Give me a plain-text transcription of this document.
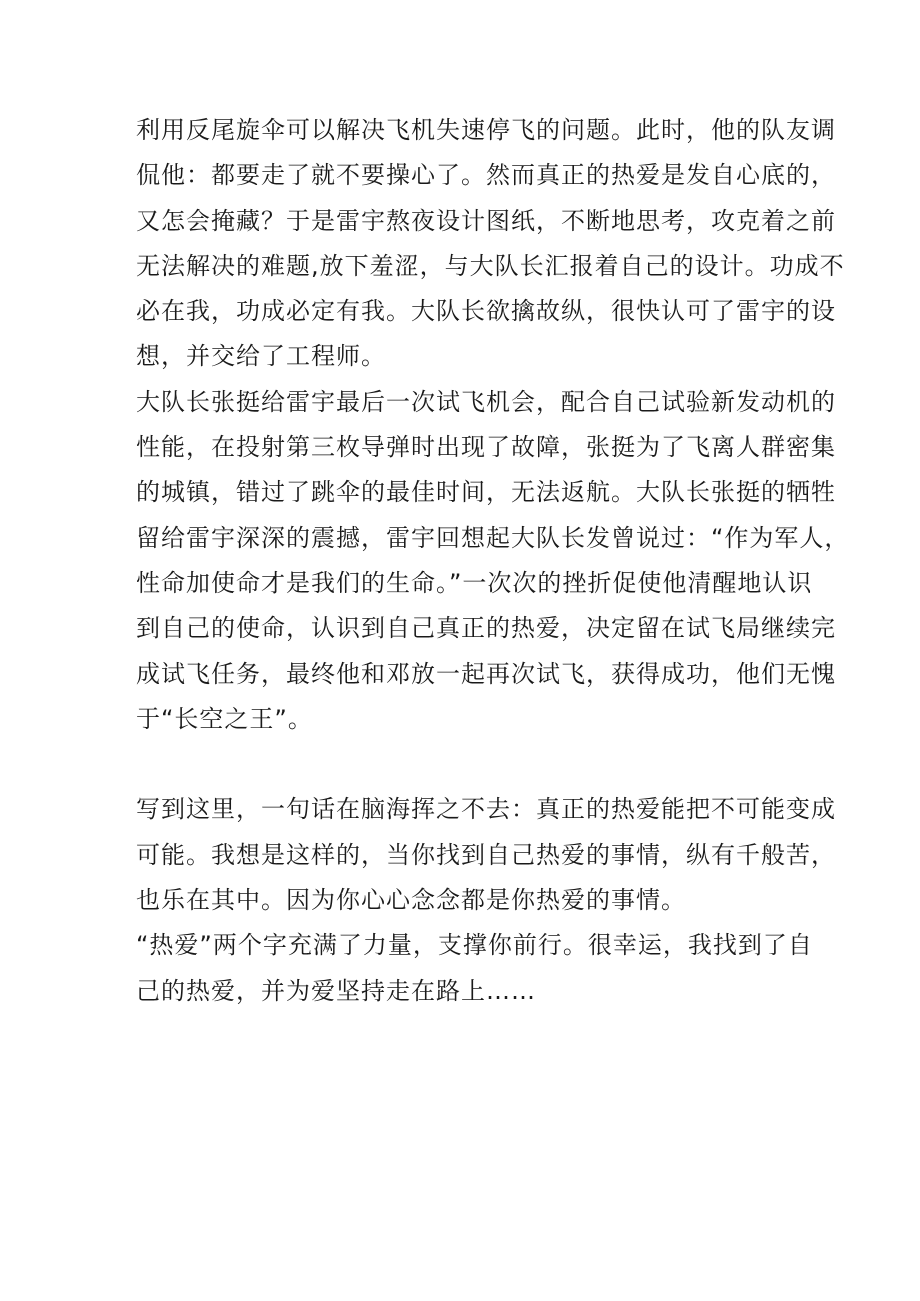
利用反尾旋伞可以解决飞机失速停飞的问题。此时，他的队友调
侃他：都要走了就不要操心了。然而真正的热爱是发自心底的，
又怎会掩藏？于是雷宇熬夜设计图纸，不断地思考，攻克着之前
无法解决的难题,放下羞涩，与大队长汇报着自己的设计。功成不
必在我，功成必定有我。大队长欲擒故纵，很快认可了雷宇的设
想，并交给了工程师。
大队长张挺给雷宇最后一次试飞机会，配合自己试验新发动机的
性能，在投射第三枚导弹时出现了故障，张挺为了飞离人群密集
的城镇，错过了跳伞的最佳时间，无法返航。大队长张挺的牺牲
留给雷宇深深的震撼，雷宇回想起大队长发曾说过：“作为军人，
性命加使命才是我们的生命。”一次次的挫折促使他清醒地认识
到自己的使命，认识到自己真正的热爱，决定留在试飞局继续完
成试飞任务，最终他和邓放一起再次试飞，获得成功，他们无愧
于“长空之王”。
写到这里，一句话在脑海挥之不去：真正的热爱能把不可能变成
可能。我想是这样的，当你找到自己热爱的事情，纵有千般苦，
也乐在其中。因为你心心念念都是你热爱的事情。
“热爱”两个字充满了力量，支撑你前行。很幸运，我找到了自
己的热爱，并为爱坚持走在路上……
